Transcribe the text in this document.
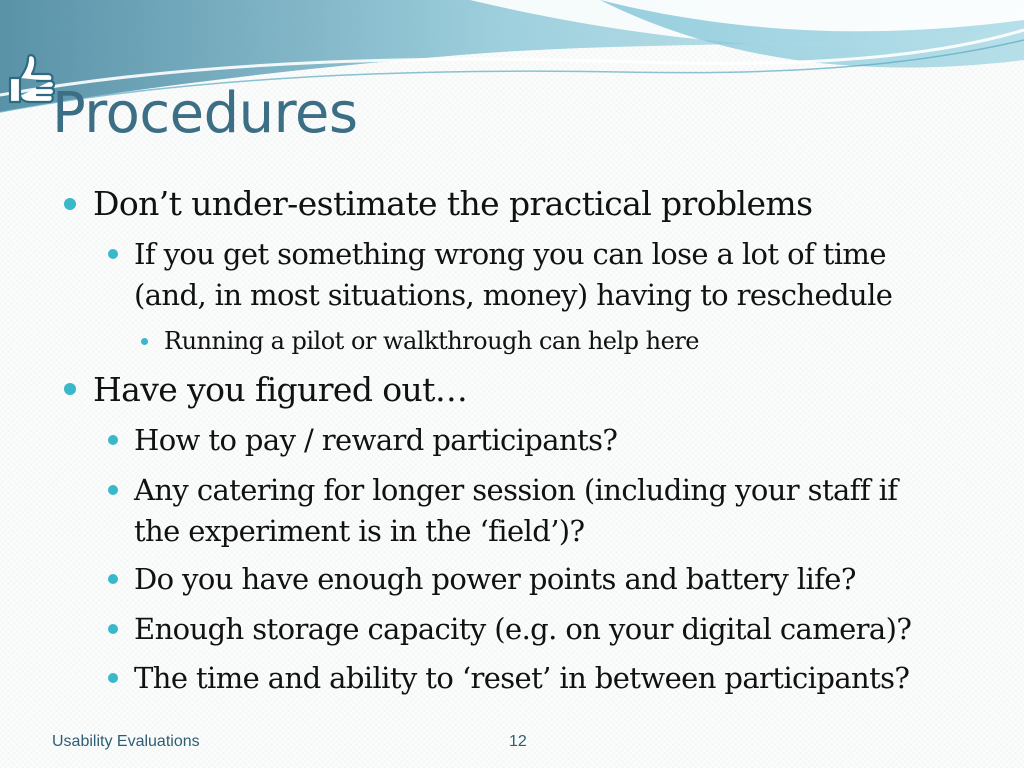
Procedures
Don’t under-estimate the practical problems
If you get something wrong you can lose a lot of time
(and, in most situations, money) having to reschedule
Running a pilot or walkthrough can help here
Have you figured out…
How to pay / reward participants?
Any catering for longer session (including your staff if
the experiment is in the ‘field’)?
Do you have enough power points and battery life?
Enough storage capacity (e.g. on your digital camera)?
The time and ability to ‘reset’ in between participants?
Usability Evaluations	12
